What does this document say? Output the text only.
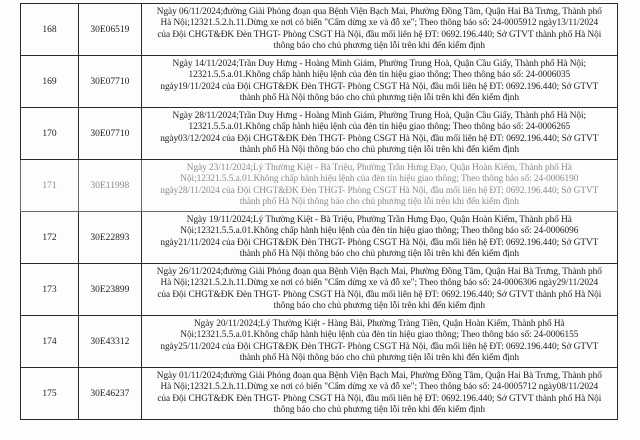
168	30E06519	Ngày 06/11/2024;đường Giải Phóng đoạn qua Bệnh Viện Bạch Mai, Phường Đồng Tâm, Quận Hai Bà Trưng, Thành phố
Hà Nội;12321.5.2.h.11.Dừng xe nơi có biển "Cấm dừng xe và đỗ xe"; Theo thông báo số: 24-0005912 ngày13/11/2024
của Đội CHGT&ĐK Đèn THGT- Phòng CSGT Hà Nội, đầu mối liên hệ ĐT: 0692.196.440; Sở GTVT thành phố Hà Nội
thông báo cho chủ phương tiện lỗi trên khi đến kiểm định

169	30E07710	Ngày 14/11/2024;Trần Duy Hưng - Hoàng Minh Giám, Phường Trung Hoà, Quận Cầu Giấy, Thành phố Hà Nội;
12321.5.5.a.01.Không chấp hành hiệu lệnh của đèn tín hiệu giao thông; Theo thông báo số: 24-0006035
ngày19/11/2024 của Đội CHGT&ĐK Đèn THGT- Phòng CSGT Hà Nội, đầu mối liên hệ ĐT: 0692.196.440; Sở GTVT
thành phố Hà Nội thông báo cho chủ phương tiện lỗi trên khi đến kiểm định

170	30E07710	Ngày 28/11/2024;Trần Duy Hưng - Hoàng Minh Giám, Phường Trung Hoà, Quận Cầu Giấy, Thành phố Hà Nội;
12321.5.5.a.01.Không chấp hành hiệu lệnh của đèn tín hiệu giao thông; Theo thông báo số: 24-0006265
ngày03/12/2024 của Đội CHGT&ĐK Đèn THGT- Phòng CSGT Hà Nội, đầu mối liên hệ ĐT: 0692.196.440; Sở GTVT
thành phố Hà Nội thông báo cho chủ phương tiện lỗi trên khi đến kiểm định

171	30E11998	Ngày 23/11/2024;Lý Thường Kiệt - Bà Triệu, Phường Trần Hưng Đạo, Quận Hoàn Kiếm, Thành phố Hà
Nội;12321.5.5.a.01.Không chấp hành hiệu lệnh của đèn tín hiệu giao thông; Theo thông báo số: 24-0006190
ngày28/11/2024 của Đội CHGT&ĐK Đèn THGT- Phòng CSGT Hà Nội, đầu mối liên hệ ĐT: 0692.196.440; Sở GTVT
thành phố Hà Nội thông báo cho chủ phương tiện lỗi trên khi đến kiểm định

172	30E22893	Ngày 19/11/2024;Lý Thường Kiệt - Bà Triệu, Phường Trần Hưng Đạo, Quận Hoàn Kiếm, Thành phố Hà
Nội;12321.5.5.a.01.Không chấp hành hiệu lệnh của đèn tín hiệu giao thông; Theo thông báo số: 24-0006096
ngày21/11/2024 của Đội CHGT&ĐK Đèn THGT- Phòng CSGT Hà Nội, đầu mối liên hệ ĐT: 0692.196.440; Sở GTVT
thành phố Hà Nội thông báo cho chủ phương tiện lỗi trên khi đến kiểm định

173	30E23899	Ngày 26/11/2024;đường Giải Phóng đoạn qua Bệnh Viện Bạch Mai, Phường Đồng Tâm, Quận Hai Bà Trưng, Thành phố
Hà Nội;12321.5.2.h.11.Dừng xe nơi có biển "Cấm dừng xe và đỗ xe"; Theo thông báo số: 24-0006306 ngày29/11/2024
của Đội CHGT&ĐK Đèn THGT- Phòng CSGT Hà Nội, đầu mối liên hệ ĐT: 0692.196.440; Sở GTVT thành phố Hà Nội
thông báo cho chủ phương tiện lỗi trên khi đến kiểm định

174	30E43312	Ngày 20/11/2024;Lý Thường Kiệt - Hàng Bài, Phường Tràng Tiền, Quận Hoàn Kiếm, Thành phố Hà
Nội;12321.5.5.a.01.Không chấp hành hiệu lệnh của đèn tín hiệu giao thông; Theo thông báo số: 24-0006155
ngày25/11/2024 của Đội CHGT&ĐK Đèn THGT- Phòng CSGT Hà Nội, đầu mối liên hệ ĐT: 0692.196.440; Sở GTVT
thành phố Hà Nội thông báo cho chủ phương tiện lỗi trên khi đến kiểm định

175	30E46237	Ngày 01/11/2024;đường Giải Phóng đoạn qua Bệnh Viện Bạch Mai, Phường Đồng Tâm, Quận Hai Bà Trưng, Thành phố
Hà Nội;12321.5.2.h.11.Dừng xe nơi có biển "Cấm dừng xe và đỗ xe"; Theo thông báo số: 24-0005712 ngày08/11/2024
của Đội CHGT&ĐK Đèn THGT- Phòng CSGT Hà Nội, đầu mối liên hệ ĐT: 0692.196.440; Sở GTVT thành phố Hà Nội
thông báo cho chủ phương tiện lỗi trên khi đến kiểm định
